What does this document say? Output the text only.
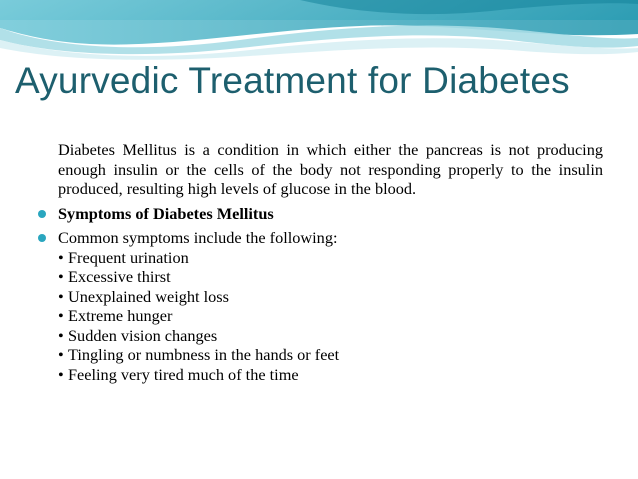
Ayurvedic Treatment for Diabetes

Diabetes Mellitus is a condition in which either the pancreas is not producing enough insulin or the cells of the body not responding properly to the insulin produced, resulting high levels of glucose in the blood.

Symptoms of Diabetes Mellitus
Common symptoms include the following:
• Frequent urination
• Excessive thirst
• Unexplained weight loss
• Extreme hunger
• Sudden vision changes
• Tingling or numbness in the hands or feet
• Feeling very tired much of the time
